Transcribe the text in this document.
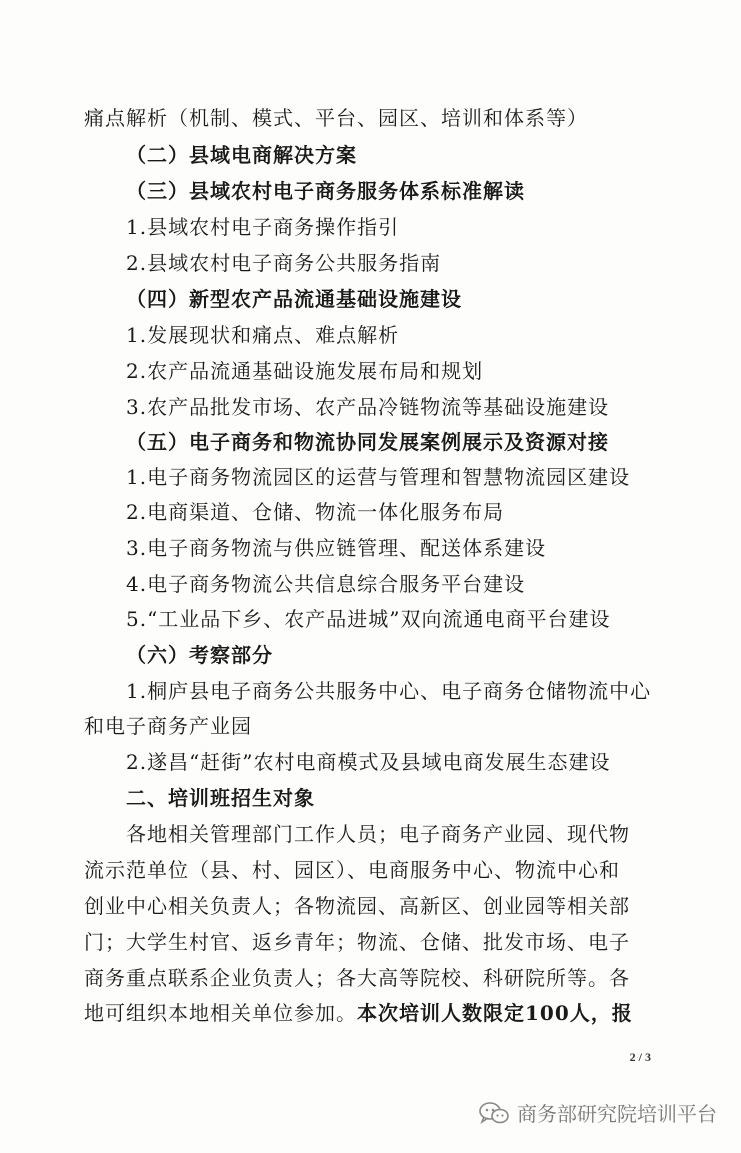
痛点解析（机制、模式、平台、园区、培训和体系等）
（二）县域电商解决方案
（三）县域农村电子商务服务体系标准解读
1.县域农村电子商务操作指引
2.县域农村电子商务公共服务指南
（四）新型农产品流通基础设施建设
1.发展现状和痛点、难点解析
2.农产品流通基础设施发展布局和规划
3.农产品批发市场、农产品冷链物流等基础设施建设
（五）电子商务和物流协同发展案例展示及资源对接
1.电子商务物流园区的运营与管理和智慧物流园区建设
2.电商渠道、仓储、物流一体化服务布局
3.电子商务物流与供应链管理、配送体系建设
4.电子商务物流公共信息综合服务平台建设
5.“工业品下乡、农产品进城”双向流通电商平台建设
（六）考察部分
1.桐庐县电子商务公共服务中心、电子商务仓储物流中心
和电子商务产业园
2.遂昌“赶街”农村电商模式及县域电商发展生态建设
二、培训班招生对象
各地相关管理部门工作人员；电子商务产业园、现代物
流示范单位（县、村、园区）、电商服务中心、物流中心和
创业中心相关负责人；各物流园、高新区、创业园等相关部
门；大学生村官、返乡青年；物流、仓储、批发市场、电子
商务重点联系企业负责人；各大高等院校、科研院所等。各
地可组织本地相关单位参加。本次培训人数限定100人，报
2 / 3
商务部研究院培训平台
